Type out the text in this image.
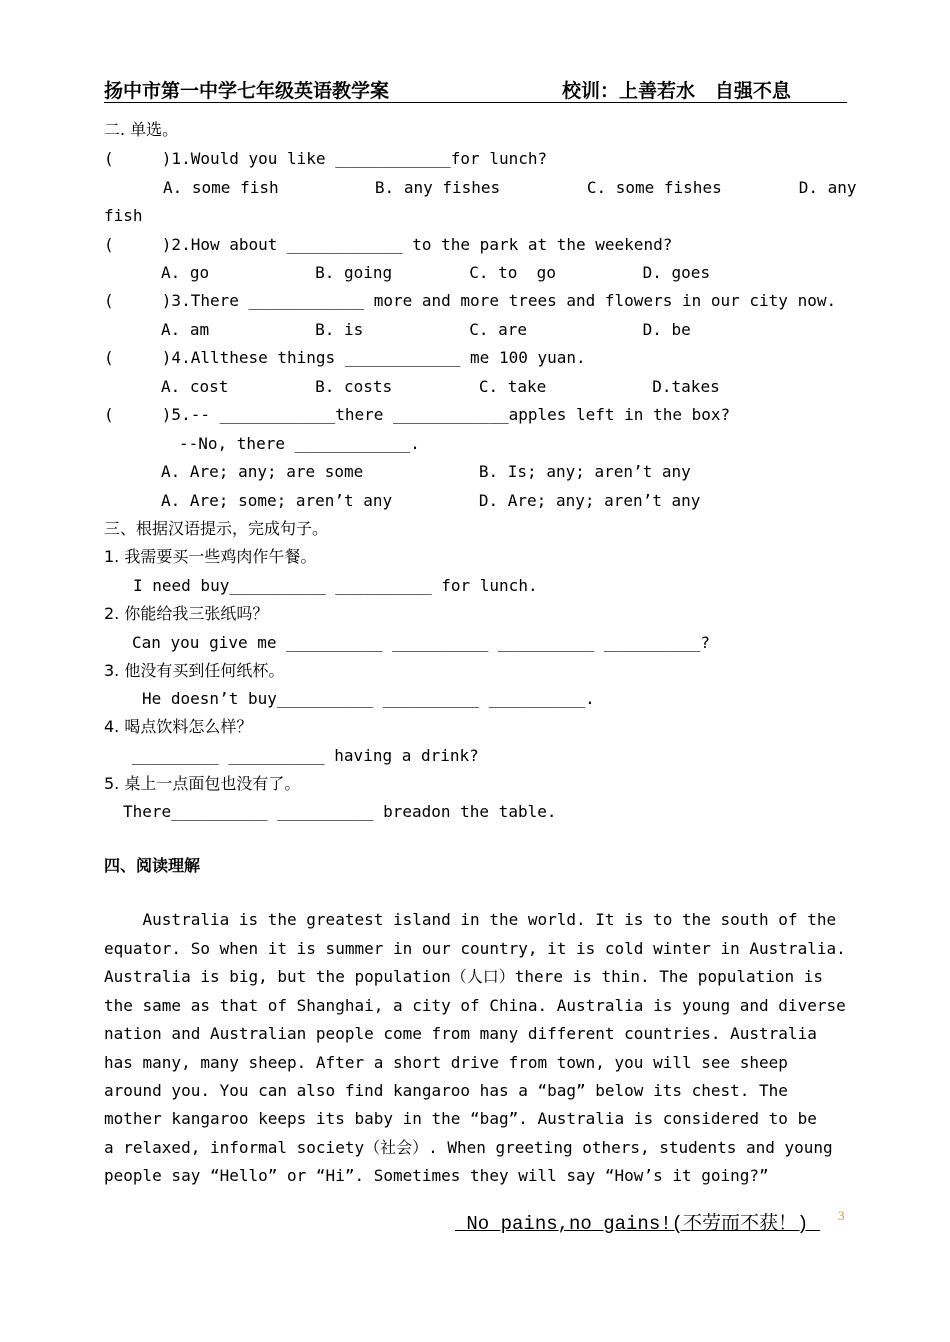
扬中市第一中学七年级英语教学案	校训：上善若水   自强不息
二. 单选。
(     )1.Would you like ____________for lunch?
A. some fish          B. any fishes         C. some fishes        D. any
fish
(     )2.How about ____________ to the park at the weekend?
A. go           B. going        C. to  go         D. goes
(     )3.There ____________ more and more trees and flowers in our city now.
A. am           B. is           C. are            D. be
(     )4.Allthese things ____________ me 100 yuan.
A. cost         B. costs         C. take           D.takes
(     )5.-- ____________there ____________apples left in the box?
--No, there ____________.
A. Are; any; are some            B. Is; any; aren’t any
A. Are; some; aren’t any         D. Are; any; aren’t any
三、根据汉语提示，完成句子。
1. 我需要买一些鸡肉作午餐。
I need buy__________ __________ for lunch.
2. 你能给我三张纸吗？
Can you give me __________ __________ __________ __________?
3. 他没有买到任何纸杯。
He doesn’t buy__________ __________ __________.
4. 喝点饮料怎么样？
_________ __________ having a drink?
5. 桌上一点面包也没有了。
There__________ __________ breadon the table.
四、阅读理解
Australia is the greatest island in the world. It is to the south of the
equator. So when it is summer in our country, it is cold winter in Australia.
Australia is big, but the population（人口）there is thin. The population is
the same as that of Shanghai, a city of China. Australia is young and diverse
nation and Australian people come from many different countries. Australia
has many, many sheep. After a short drive from town, you will see sheep
around you. You can also find kangaroo has a “bag” below its chest. The
mother kangaroo keeps its baby in the “bag”. Australia is considered to be
a relaxed, informal society（社会）. When greeting others, students and young
people say “Hello” or “Hi”. Sometimes they will say “How’s it going?”
No pains,no gains!(不劳而不获！) 3
